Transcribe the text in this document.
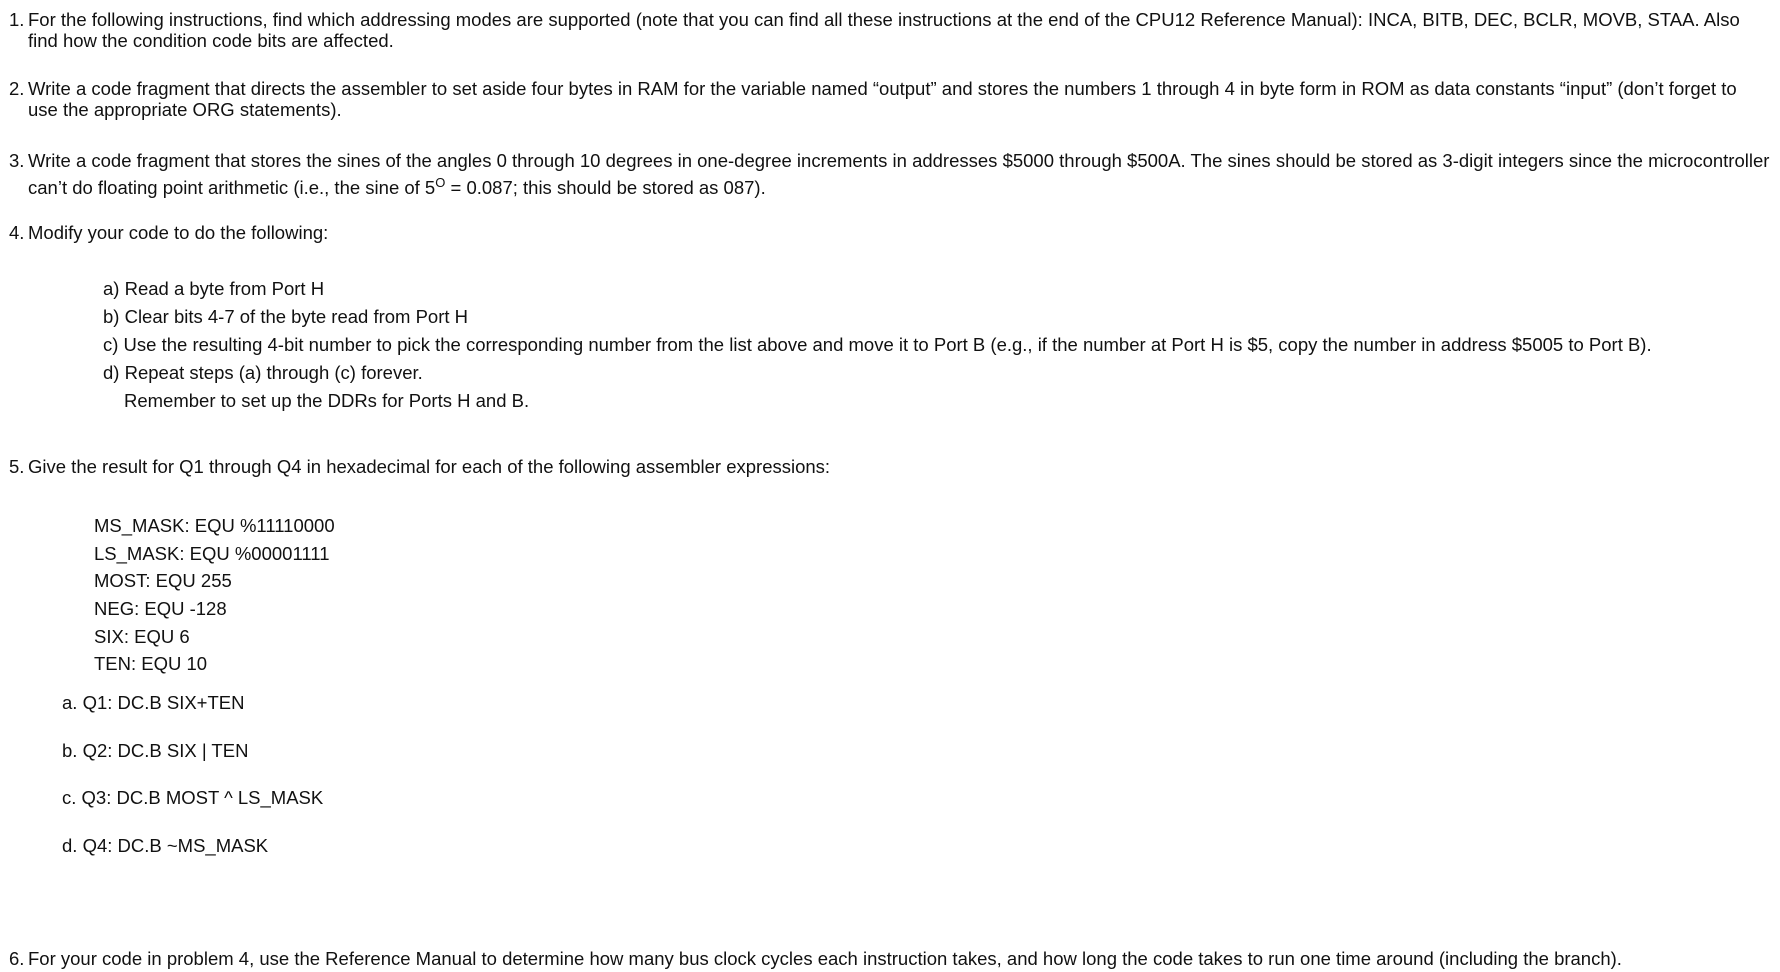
1. For the following instructions, find which addressing modes are supported (note that you can find all these instructions at the end of the CPU12 Reference Manual): INCA, BITB, DEC, BCLR, MOVB, STAA. Also find how the condition code bits are affected.
2. Write a code fragment that directs the assembler to set aside four bytes in RAM for the variable named “output” and stores the numbers 1 through 4 in byte form in ROM as data constants “input” (don’t forget to use the appropriate ORG statements).
3. Write a code fragment that stores the sines of the angles 0 through 10 degrees in one-degree increments in addresses $5000 through $500A. The sines should be stored as 3-digit integers since the microcontroller can’t do floating point arithmetic (i.e., the sine of $5^O = 0.087$; this should be stored as 087).
4. Modify your code to do the following:
a) Read a byte from Port H
b) Clear bits 4-7 of the byte read from Port H
c) Use the resulting 4-bit number to pick the corresponding number from the list above and move it to Port B (e.g., if the number at Port H is $5, copy the number in address $5005 to Port B).
d) Repeat steps (a) through (c) forever.
Remember to set up the DDRs for Ports H and B.
5. Give the result for Q1 through Q4 in hexadecimal for each of the following assembler expressions:
MS_MASK: EQU %11110000
LS_MASK: EQU %00001111
MOST: EQU 255
NEG: EQU -128
SIX: EQU 6
TEN: EQU 10
a. Q1: DC.B SIX+TEN
b. Q2: DC.B SIX | TEN
c. Q3: DC.B MOST ^ LS_MASK
d. Q4: DC.B ~MS_MASK
6. For your code in problem 4, use the Reference Manual to determine how many bus clock cycles each instruction takes, and how long the code takes to run one time around (including the branch).
